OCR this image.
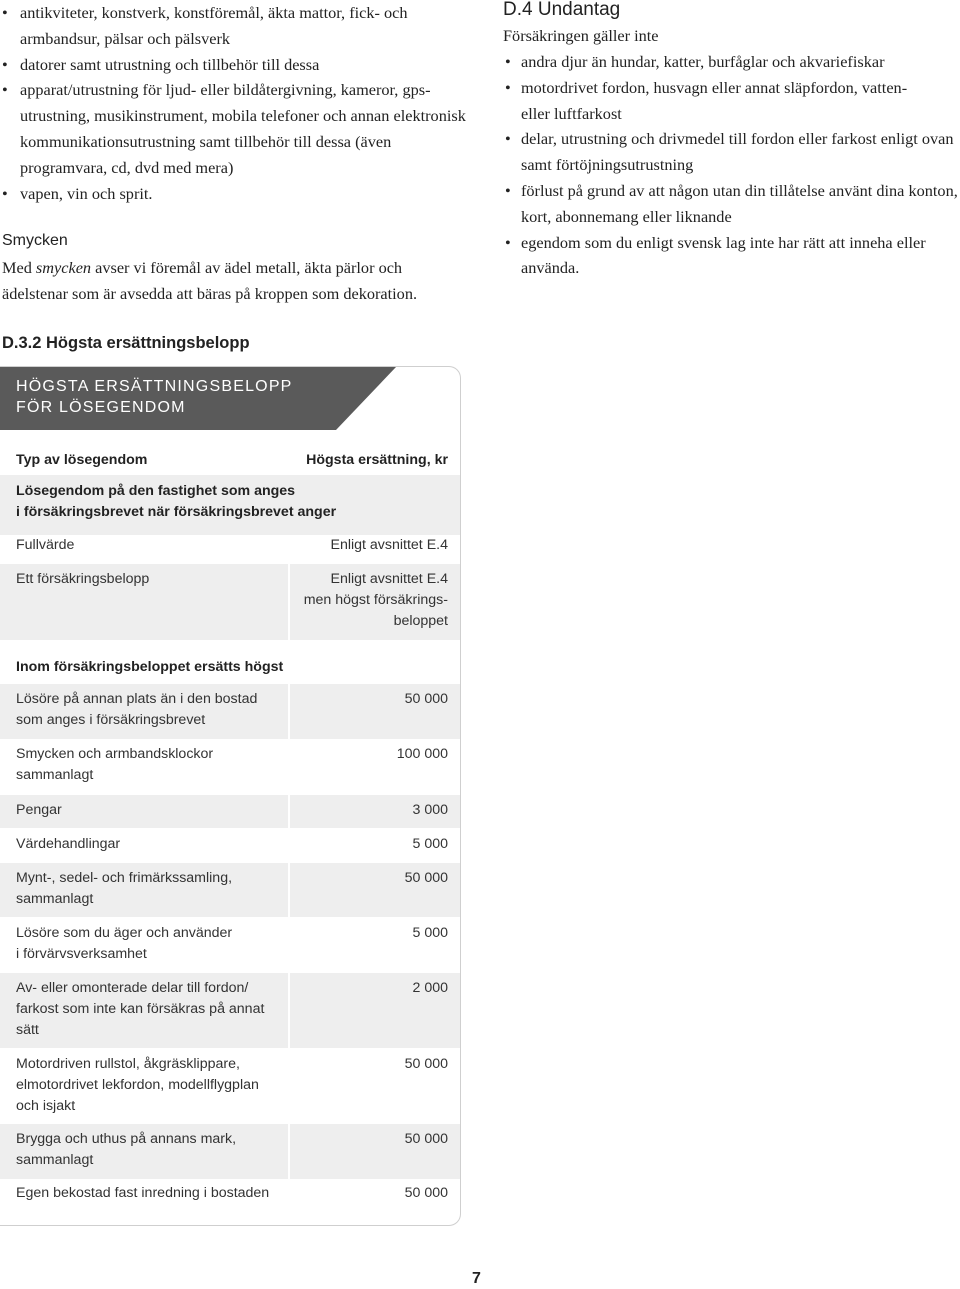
• antikviteter, konstverk, konstföremål, äkta mattor, fick- och armbandsur, pälsar och pälsverk
• datorer samt utrustning och tillbehör till dessa
• apparat/utrustning för ljud- eller bildåtergivning, kameror, gps-utrustning, musikinstrument, mobila telefoner och annan elektronisk kommunikationsutrustning samt tillbehör till dessa (även programvara, cd, dvd med mera)
• vapen, vin och sprit.
Smycken
Med smycken avser vi föremål av ädel metall, äkta pärlor och ädelstenar som är avsedda att bäras på kroppen som dekoration.
D.4 Undantag
Försäkringen gäller inte
• andra djur än hundar, katter, burfåglar och akvariefiskar
• motordrivet fordon, husvagn eller annat släpfordon, vatten-
eller luftfarkost
• delar, utrustning och drivmedel till fordon eller farkost enligt ovan samt förtöjningsutrustning
• förlust på grund av att någon utan din tillåtelse använt dina konton, kort, abonnemang eller liknande
• egendom som du enligt svensk lag inte har rätt att inneha eller använda.
D.3.2 Högsta ersättningsbelopp
HÖGSTA ERSÄTTNINGSBELOPP
FÖR LÖSEGENDOM
Typ av lösegendom	Högsta ersättning, kr
Lösegendom på den fastighet som anges
i försäkringsbrevet när försäkringsbrevet anger
Fullvärde	Enligt avsnittet E.4
Ett försäkringsbelopp	Enligt avsnittet E.4
men högst försäkrings-
beloppet
Inom försäkringsbeloppet ersätts högst
Lösöre på annan plats än i den bostad
som anges i försäkringsbrevet
50 000
Smycken och armbandsklockor
sammanlagt
100 000
Pengar	3 000
Värdehandlingar	5 000
Mynt-, sedel- och frimärkssamling,
sammanlagt
50 000
Lösöre som du äger och använder
i förvärvsverksamhet
5 000
Av- eller omonterade delar till fordon/
farkost som inte kan försäkras på annat
sätt
2 000
Motordriven rullstol, åkgräsklippare,
elmotordrivet lekfordon, modellflygplan
och isjakt
50 000
Brygga och uthus på annans mark,
sammanlagt
50 000
Egen bekostad fast inredning i bostaden	50 000
7
